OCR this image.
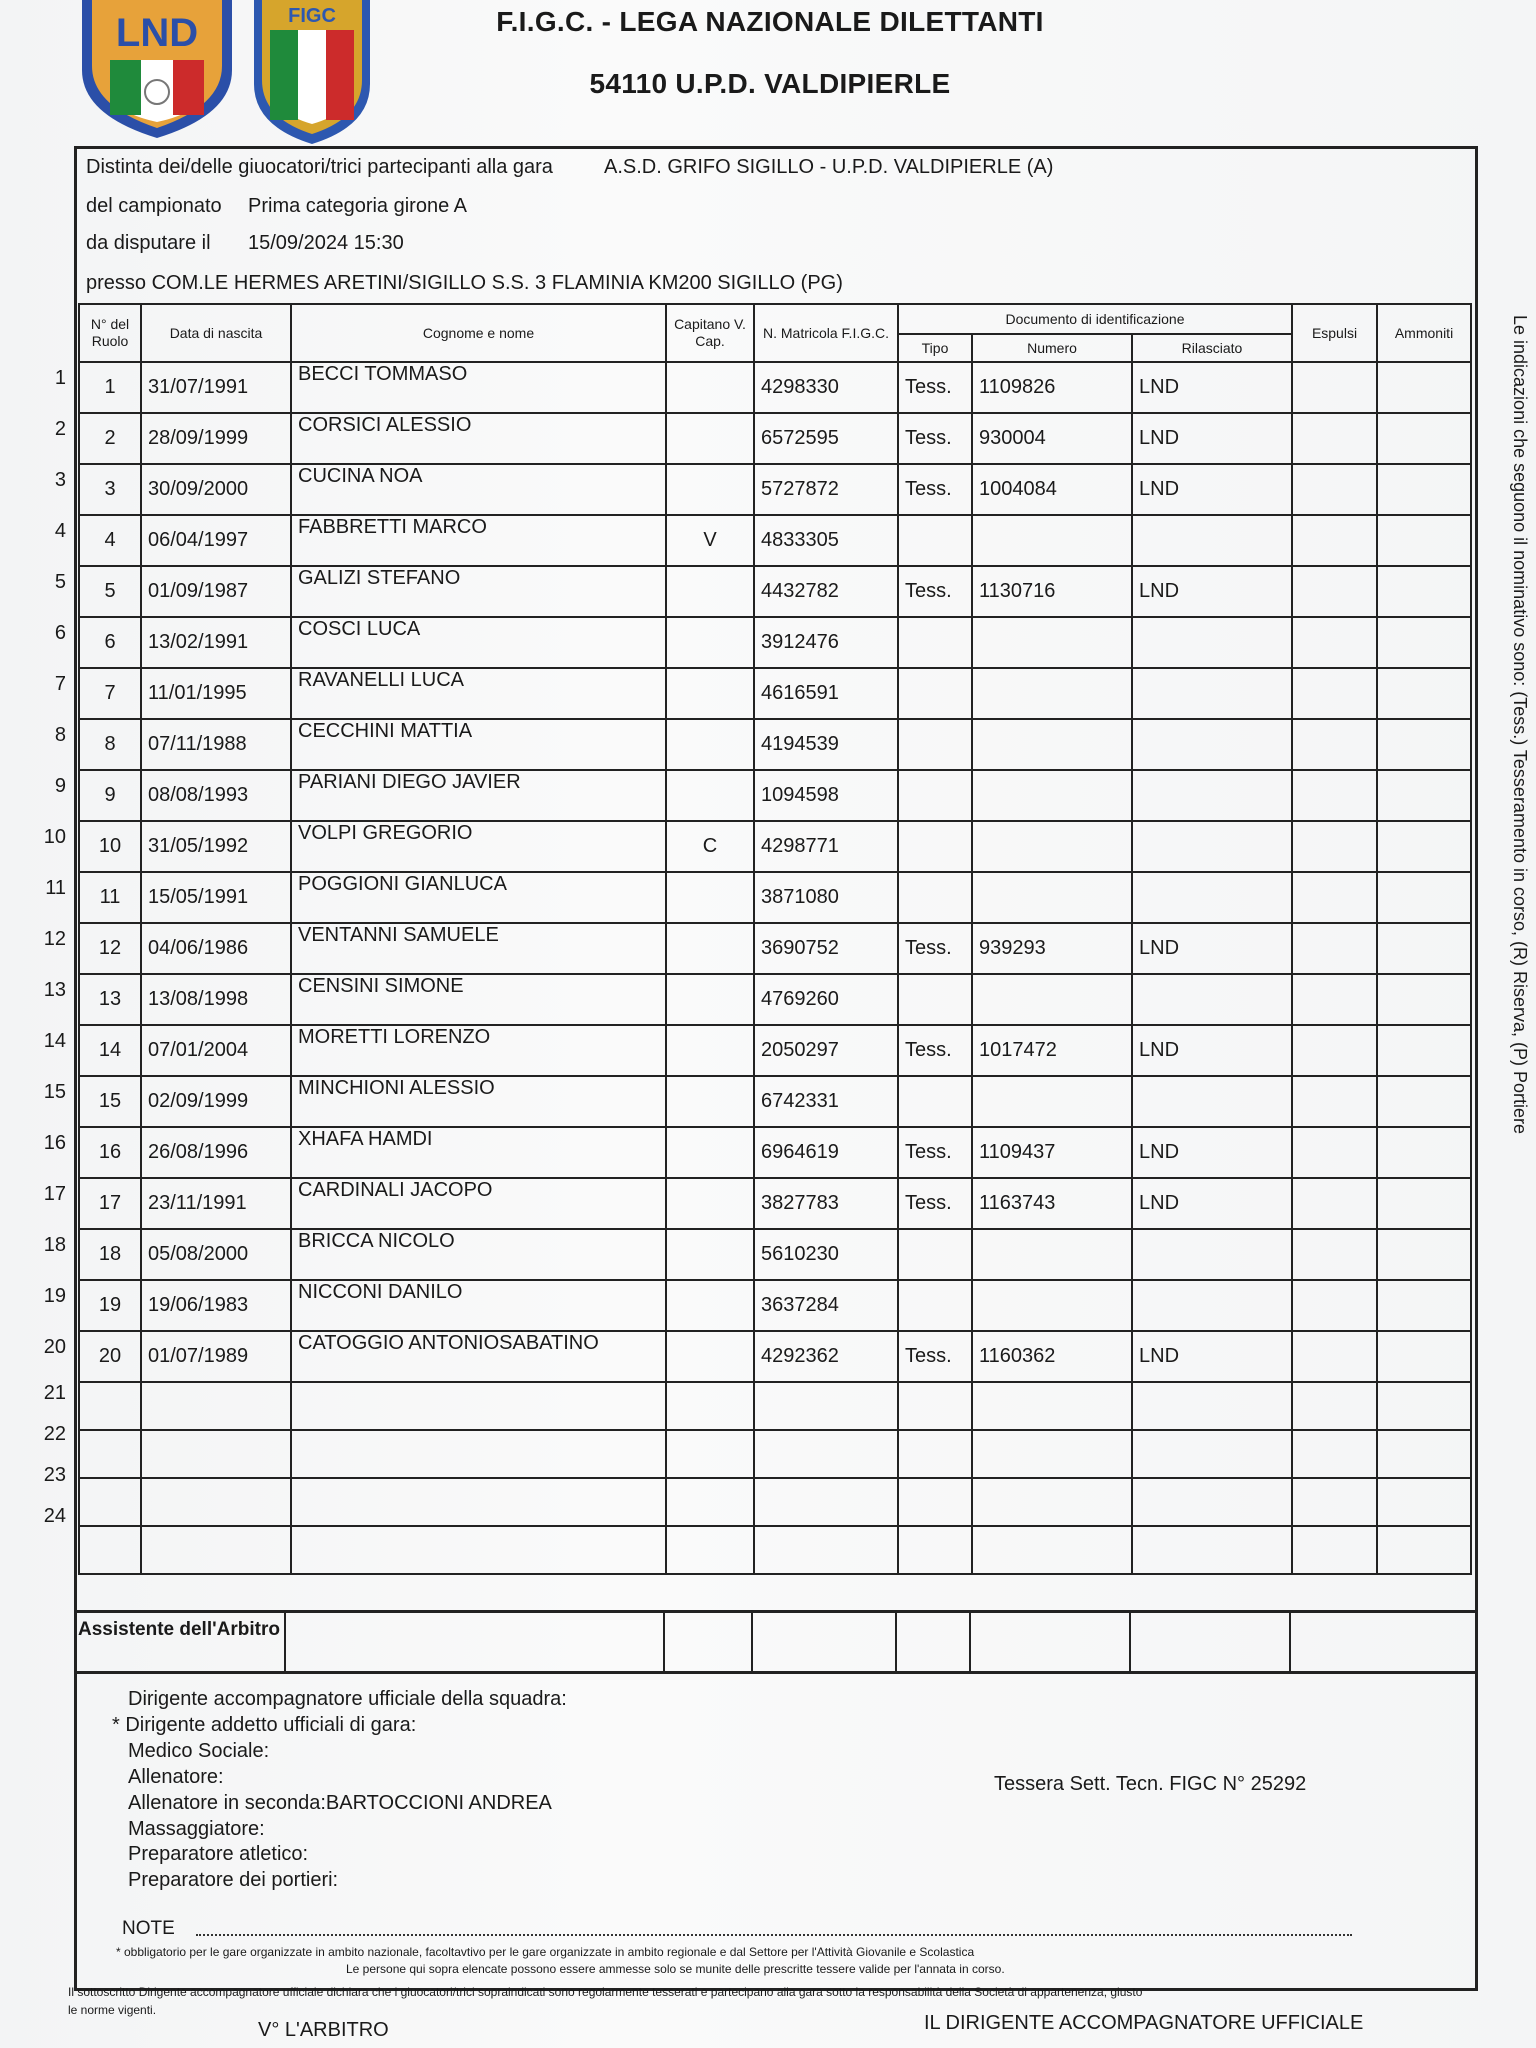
LND	FIGC	F.I.G.C. - LEGA NAZIONALE DILETTANTI
54110 U.P.D. VALDIPIERLE
Distinta dei/delle giuocatori/trici partecipanti alla gara	A.S.D. GRIFO SIGILLO - U.P.D. VALDIPIERLE (A)
del campionato Prima categoria girone A
da disputare il 15/09/2024 15:30
presso COM.LE HERMES ARETINI/SIGILLO S.S. 3 FLAMINIA KM200 SIGILLO (PG)
N° del Ruolo	Data di nascita	Cognome e nome	Capitano V. Cap.	N. Matricola F.I.G.C.	Documento di identificazione			Espulsi	Ammoniti
					Tipo	Numero	Rilasciato		
1	31/07/1991	BECCI TOMMASO		4298330	Tess.	1109826	LND		
2	28/09/1999	CORSICI ALESSIO		6572595	Tess.	930004	LND		
3	30/09/2000	CUCINA NOA		5727872	Tess.	1004084	LND		
4	06/04/1997	FABBRETTI MARCO	V	4833305					
5	01/09/1987	GALIZI STEFANO		4432782	Tess.	1130716	LND		
6	13/02/1991	COSCI LUCA		3912476					
7	11/01/1995	RAVANELLI LUCA		4616591					
8	07/11/1988	CECCHINI MATTIA		4194539					
9	08/08/1993	PARIANI DIEGO JAVIER		1094598					
10	31/05/1992	VOLPI GREGORIO	C	4298771					
11	15/05/1991	POGGIONI GIANLUCA		3871080					
12	04/06/1986	VENTANNI SAMUELE		3690752	Tess.	939293	LND		
13	13/08/1998	CENSINI SIMONE		4769260					
14	07/01/2004	MORETTI LORENZO		2050297	Tess.	1017472	LND		
15	02/09/1999	MINCHIONI ALESSIO		6742331					
16	26/08/1996	XHAFA HAMDI		6964619	Tess.	1109437	LND		
17	23/11/1991	CARDINALI JACOPO		3827783	Tess.	1163743	LND		
18	05/08/2000	BRICCA NICOLO		5610230					
19	19/06/1983	NICCONI DANILO		3637284					
20	01/07/1989	CATOGGIO ANTONIOSABATINO		4292362	Tess.	1160362	LND		

1
2
3
4
5
6
7
8
9
10
11
12
13
14
15
16
17
18
19
20
21
22
23
24
Le indicazioni che seguono il nominativo sono: (Tess.) Tesseramento in corso, (R) Riserva, (P) Portiere
Assistente dell'Arbitro
Dirigente accompagnatore ufficiale della squadra:
* Dirigente addetto ufficiali di gara:
Medico Sociale:
Allenatore:
Allenatore in seconda:BARTOCCIONI ANDREA
Massaggiatore:
Preparatore atletico:
Preparatore dei portieri:
Tessera Sett. Tecn. FIGC N° 25292
NOTE
* obbligatorio per le gare organizzate in ambito nazionale, facoltavtivo per le gare organizzate in ambito regionale e dal Settore per l'Attività Giovanile e Scolastica
Le persone qui sopra elencate possono essere ammesse solo se munite delle prescritte tessere valide per l'annata in corso.
Il sottoscritto Dirigente accompagnatore ufficiale dichiara che i giuocatori/trici sopraindicati sono regolarmente tesserati e partecipano alla gara sotto la responsabilità della Società di appartenenza, giusto
le norme vigenti.
V° L'ARBITRO	IL DIRIGENTE ACCOMPAGNATORE UFFICIALE
